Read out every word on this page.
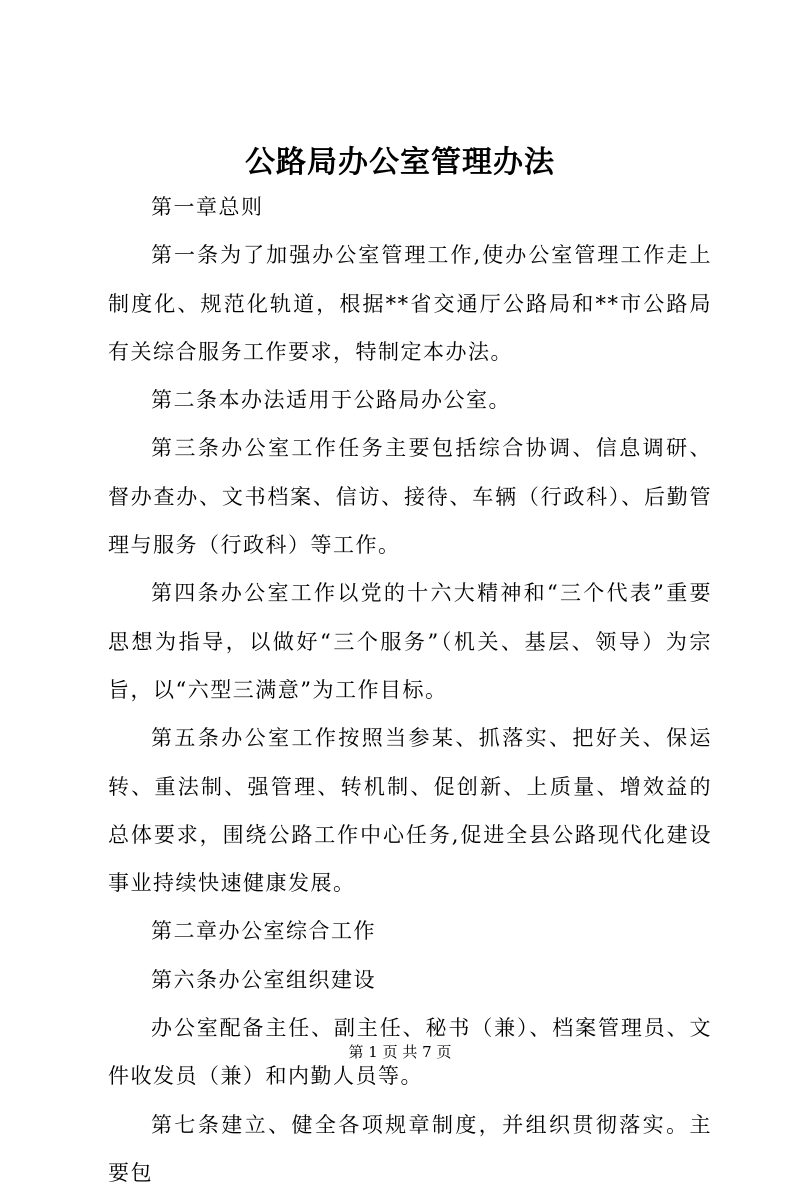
公路局办公室管理办法

第一章总则

第一条为了加强办公室管理工作,使办公室管理工作走上制度化、规范化轨道，根据**省交通厅公路局和**市公路局有关综合服务工作要求，特制定本办法。

第二条本办法适用于公路局办公室。

第三条办公室工作任务主要包括综合协调、信息调研、督办查办、文书档案、信访、接待、车辆（行政科）、后勤管理与服务（行政科）等工作。

第四条办公室工作以党的十六大精神和“三个代表”重要思想为指导，以做好“三个服务”（机关、基层、领导）为宗旨，以“六型三满意”为工作目标。

第五条办公室工作按照当参某、抓落实、把好关、保运转、重法制、强管理、转机制、促创新、上质量、增效益的总体要求，围绕公路工作中心任务,促进全县公路现代化建设事业持续快速健康发展。

第二章办公室综合工作

第六条办公室组织建设

办公室配备主任、副主任、秘书（兼）、档案管理员、文件收发员（兼）和内勤人员等。

第七条建立、健全各项规章制度，并组织贯彻落实。主要包

第 1 页 共 7 页
